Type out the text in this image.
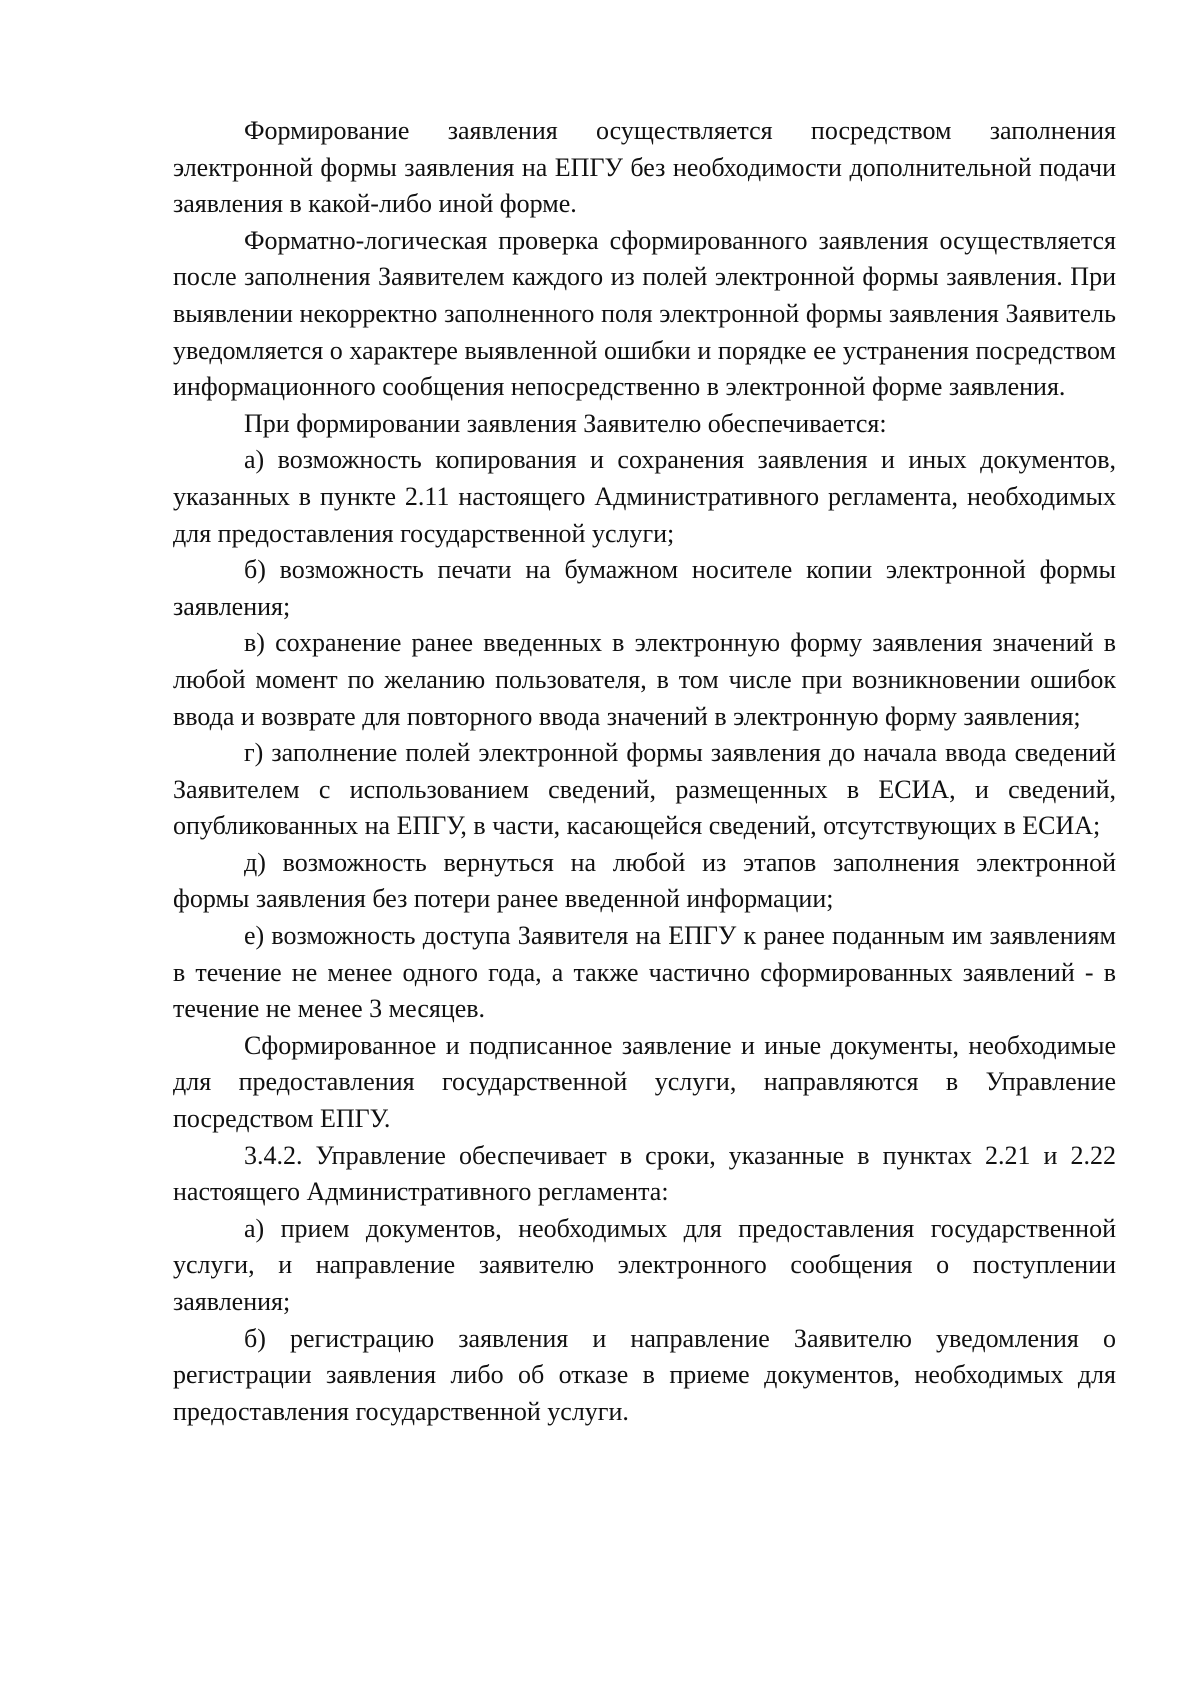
Формирование заявления осуществляется посредством заполнения электронной формы заявления на ЕПГУ без необходимости дополнительной подачи заявления в какой-либо иной форме.

Форматно-логическая проверка сформированного заявления осуществляется после заполнения Заявителем каждого из полей электронной формы заявления. При выявлении некорректно заполненного поля электронной формы заявления Заявитель уведомляется о характере выявленной ошибки и порядке ее устранения посредством информационного сообщения непосредственно в электронной форме заявления.

При формировании заявления Заявителю обеспечивается:

а) возможность копирования и сохранения заявления и иных документов, указанных в пункте 2.11 настоящего Административного регламента, необходимых для предоставления государственной услуги;

б) возможность печати на бумажном носителе копии электронной формы заявления;

в) сохранение ранее введенных в электронную форму заявления значений в любой момент по желанию пользователя, в том числе при возникновении ошибок ввода и возврате для повторного ввода значений в электронную форму заявления;

г) заполнение полей электронной формы заявления до начала ввода сведений Заявителем с использованием сведений, размещенных в ЕСИА, и сведений, опубликованных на ЕПГУ, в части, касающейся сведений, отсутствующих в ЕСИА;

д) возможность вернуться на любой из этапов заполнения электронной формы заявления без потери ранее введенной информации;

е) возможность доступа Заявителя на ЕПГУ к ранее поданным им заявлениям в течение не менее одного года, а также частично сформированных заявлений - в течение не менее 3 месяцев.

Сформированное и подписанное заявление и иные документы, необходимые для предоставления государственной услуги, направляются в Управление посредством ЕПГУ.

3.4.2. Управление обеспечивает в сроки, указанные в пунктах 2.21 и 2.22 настоящего Административного регламента:

а) прием документов, необходимых для предоставления государственной услуги, и направление заявителю электронного сообщения о поступлении заявления;

б) регистрацию заявления и направление Заявителю уведомления о регистрации заявления либо об отказе в приеме документов, необходимых для предоставления государственной услуги.
